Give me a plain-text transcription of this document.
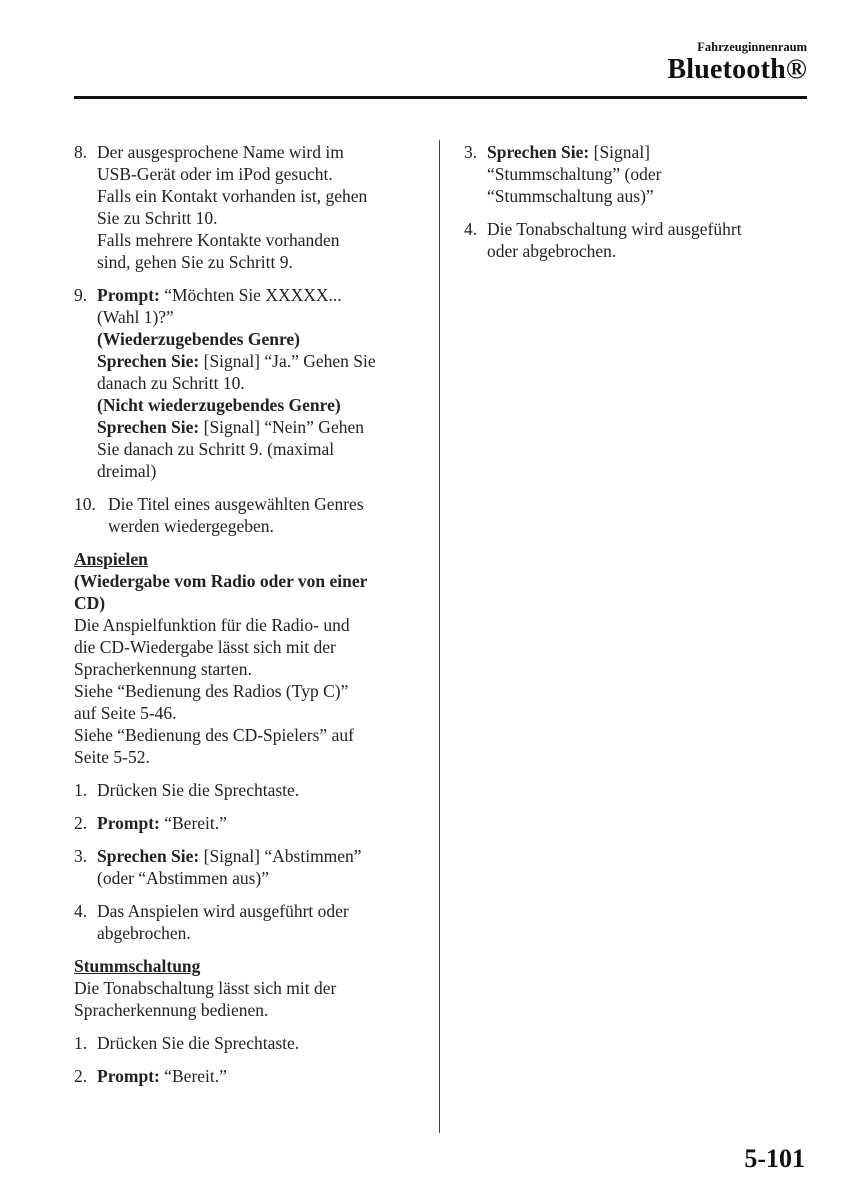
Fahrzeuginnenraum
Bluetooth®
8. Der ausgesprochene Name wird im

USB-Gerät oder im iPod gesucht.

Falls ein Kontakt vorhanden ist, gehen

Sie zu Schritt 10.

Falls mehrere Kontakte vorhanden

sind, gehen Sie zu Schritt 9.

9. Prompt: “Möchten Sie XXXXX...

(Wahl 1)?”

(Wiederzugebendes Genre)

Sprechen Sie: [Signal] “Ja.” Gehen Sie

danach zu Schritt 10.

(Nicht wiederzugebendes Genre)

Sprechen Sie: [Signal] “Nein” Gehen

Sie danach zu Schritt 9. (maximal

dreimal)

10. Die Titel eines ausgewählten Genres

werden wiedergegeben.

Anspielen

(Wiedergabe vom Radio oder von einer

CD)

Die Anspielfunktion für die Radio- und

die CD-Wiedergabe lässt sich mit der

Spracherkennung starten.

Siehe “Bedienung des Radios (Typ C)”

auf Seite 5-46.

Siehe “Bedienung des CD-Spielers” auf

Seite 5-52.

1. Drücken Sie die Sprechtaste.

2. Prompt: “Bereit.”

3. Sprechen Sie: [Signal] “Abstimmen”

(oder “Abstimmen aus)”

4. Das Anspielen wird ausgeführt oder

abgebrochen.

Stummschaltung

Die Tonabschaltung lässt sich mit der

Spracherkennung bedienen.

1. Drücken Sie die Sprechtaste.

2. Prompt: “Bereit.”

3. Sprechen Sie: [Signal]

“Stummschaltung” (oder

“Stummschaltung aus)”

4. Die Tonabschaltung wird ausgeführt

oder abgebrochen.

5-101
